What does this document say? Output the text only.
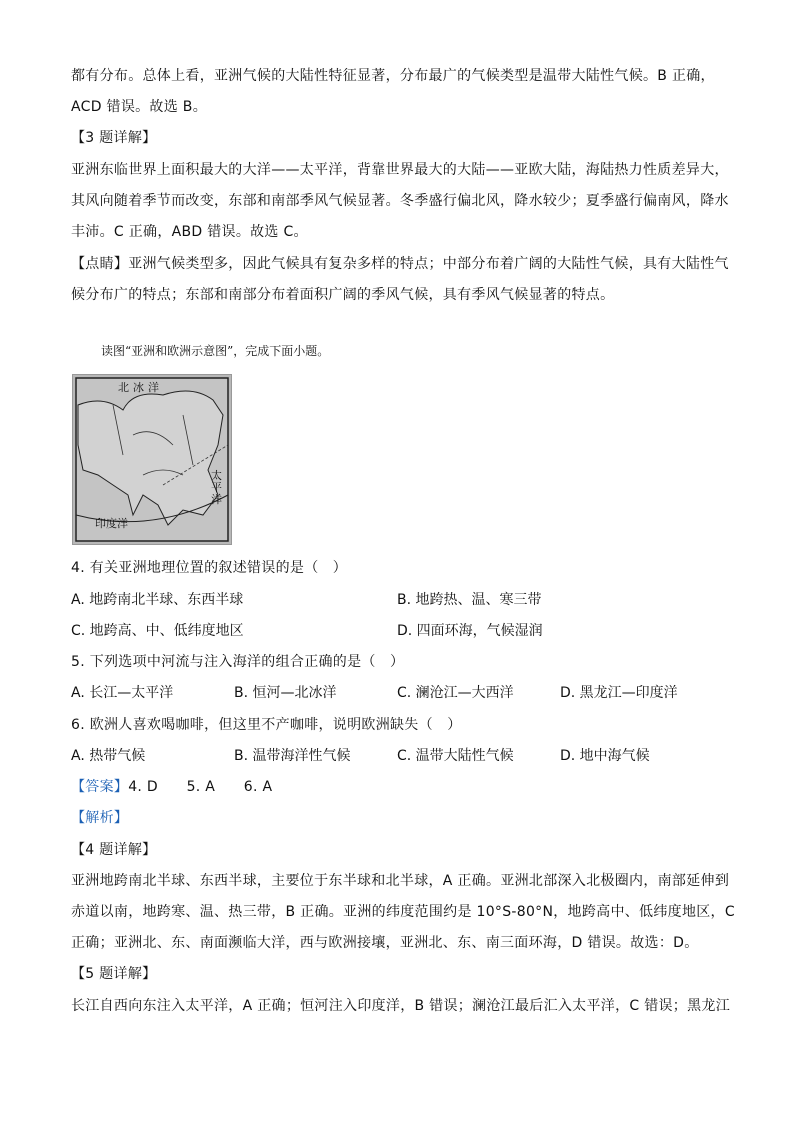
都有分布。总体上看，亚洲气候的大陆性特征显著，分布最广的气候类型是温带大陆性气候。B 正确，
ACD 错误。故选 B。
【3 题详解】
亚洲东临世界上面积最大的大洋——太平洋，背靠世界最大的大陆——亚欧大陆，海陆热力性质差异大，
其风向随着季节而改变，东部和南部季风气候显著。冬季盛行偏北风，降水较少；夏季盛行偏南风，降水
丰沛。C 正确，ABD 错误。故选 C。
【点睛】亚洲气候类型多，因此气候具有复杂多样的特点；中部分布着广阔的大陆性气候，具有大陆性气
候分布广的特点；东部和南部分布着面积广阔的季风气候，具有季风气候显著的特点。
读图“亚洲和欧洲示意图”，完成下面小题。
北冰洋
太平洋
印度洋
4. 有关亚洲地理位置的叙述错误的是（　）
A. 地跨南北半球、东西半球	B. 地跨热、温、寒三带
C. 地跨高、中、低纬度地区	D. 四面环海，气候湿润
5. 下列选项中河流与注入海洋的组合正确的是（　）
A. 长江—太平洋	B. 恒河—北冰洋	C. 澜沧江—大西洋	D. 黑龙江—印度洋
6. 欧洲人喜欢喝咖啡，但这里不产咖啡，说明欧洲缺失（　）
A. 热带气候	B. 温带海洋性气候	C. 温带大陆性气候	D. 地中海气候
【答案】4. D　　5. A　　6. A
【解析】
【4 题详解】
亚洲地跨南北半球、东西半球，主要位于东半球和北半球，A 正确。亚洲北部深入北极圈内，南部延伸到
赤道以南，地跨寒、温、热三带，B 正确。亚洲的纬度范围约是 10°S-80°N，地跨高中、低纬度地区，C
正确；亚洲北、东、南面濒临大洋，西与欧洲接壤，亚洲北、东、南三面环海，D 错误。故选：D。
【5 题详解】
长江自西向东注入太平洋，A 正确；恒河注入印度洋，B 错误；澜沧江最后汇入太平洋，C 错误；黑龙江
